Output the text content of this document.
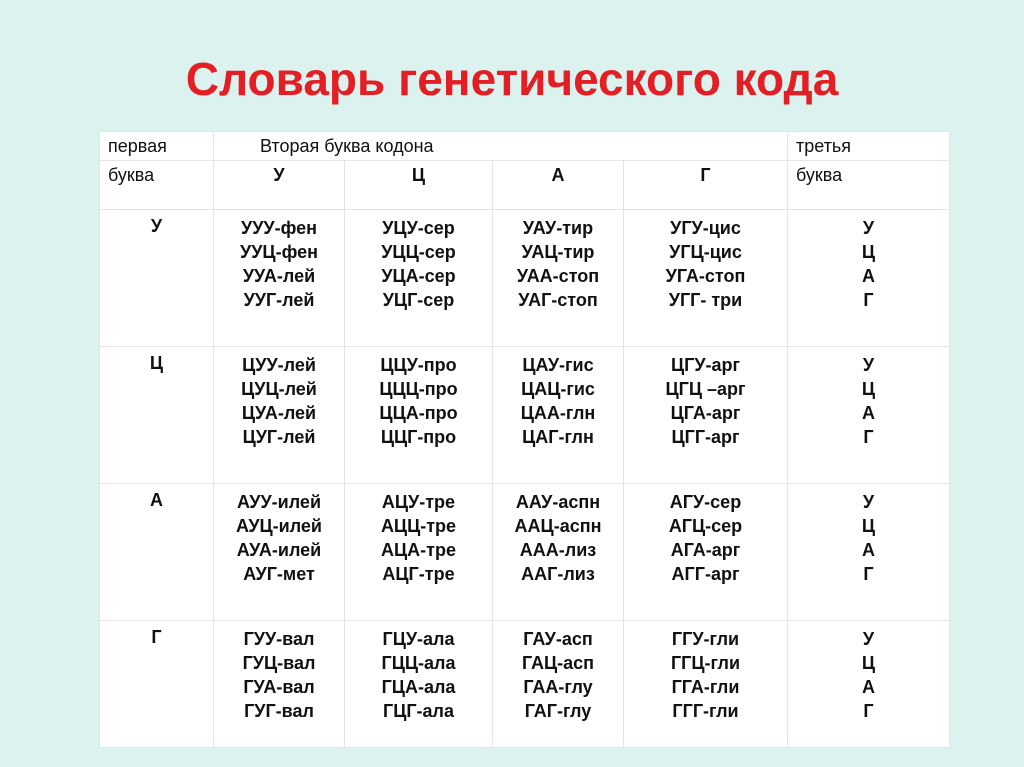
Словарь генетического кода
первая	Вторая буква кодона				третья
буква	У	Ц	А	Г	буква
У	УУУ-фен
УУЦ-фен
УУА-лей
УУГ-лей	УЦУ-сер
УЦЦ-сер
УЦА-сер
УЦГ-сер	УАУ-тир
УАЦ-тир
УАА-стоп
УАГ-стоп	УГУ-цис
УГЦ-цис
УГА-стоп
УГГ- три	У
Ц
А
Г

Ц	ЦУУ-лей
ЦУЦ-лей
ЦУА-лей
ЦУГ-лей	ЦЦУ-про
ЦЦЦ-про
ЦЦА-про
ЦЦГ-про	ЦАУ-гис
ЦАЦ-гис
ЦАА-глн
ЦАГ-глн	ЦГУ-арг
ЦГЦ –арг
ЦГА-арг
ЦГГ-арг	У
Ц
А
Г

А	АУУ-илей
АУЦ-илей
АУА-илей
АУГ-мет	АЦУ-тре
АЦЦ-тре
АЦА-тре
АЦГ-тре	ААУ-аспн
ААЦ-аспн
ААА-лиз
ААГ-лиз	АГУ-сер
АГЦ-сер
АГА-арг
АГГ-арг	У
Ц
А
Г

Г	ГУУ-вал
ГУЦ-вал
ГУА-вал
ГУГ-вал	ГЦУ-ала
ГЦЦ-ала
ГЦА-ала
ГЦГ-ала	ГАУ-асп
ГАЦ-асп
ГАА-глу
ГАГ-глу	ГГУ-гли
ГГЦ-гли
ГГА-гли
ГГГ-гли	У
Ц
А
Г
